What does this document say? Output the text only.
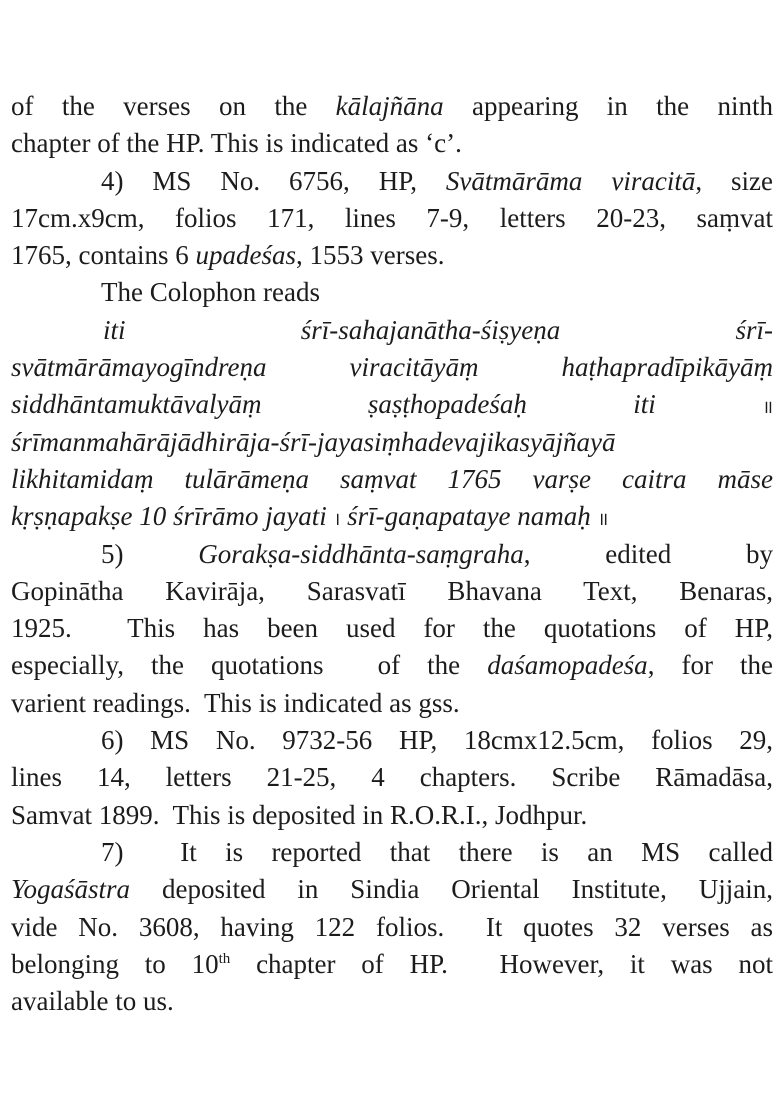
of the verses on the kālajñāna appearing in the ninth
chapter of the HP. This is indicated as ‘c’.
4) MS No. 6756, HP, Svātmārāma viracitā, size
17cm.x9cm, folios 171, lines 7-9, letters 20-23, saṃvat
1765, contains 6 upadeśas, 1553 verses.
The Colophon reads
iti          śrī-sahajanātha-śiṣyeṇa          śrī-
svātmārāmayogīndreṇa viracitāyāṃ haṭhapradīpikāyāṃ
siddhāntamuktāvalyāṃ    ṣaṣṭhopadeśaḥ    iti	॥
śrīmanmahārājādhirāja-śrī-jayasiṃhadevajikasyājñayā
likhitamidaṃ tulārāmeṇa saṃvat 1765 varṣe caitra māse
kṛṣṇapakṣe 10 śrīrāmo jayati । śrī-gaṇapataye namaḥ ॥
5) Gorakṣa-siddhānta-saṃgraha, edited by
Gopinātha Kavirāja, Sarasvatī Bhavana Text, Benaras,
1925.  This has been used for the quotations of HP,
especially, the quotations  of the daśamopadeśa, for the
varient readings.  This is indicated as gss.
6) MS No. 9732-56 HP, 18cmx12.5cm, folios 29,
lines 14, letters 21-25, 4 chapters. Scribe Rāmadāsa,
Samvat 1899.  This is deposited in R.O.R.I., Jodhpur.
7)  It is reported that there is an MS called
Yogaśāstra deposited in Sindia Oriental Institute, Ujjain,
vide No. 3608, having 122 folios.  It quotes 32 verses as
belonging to 10th chapter of HP.  However, it was not
available to us.
